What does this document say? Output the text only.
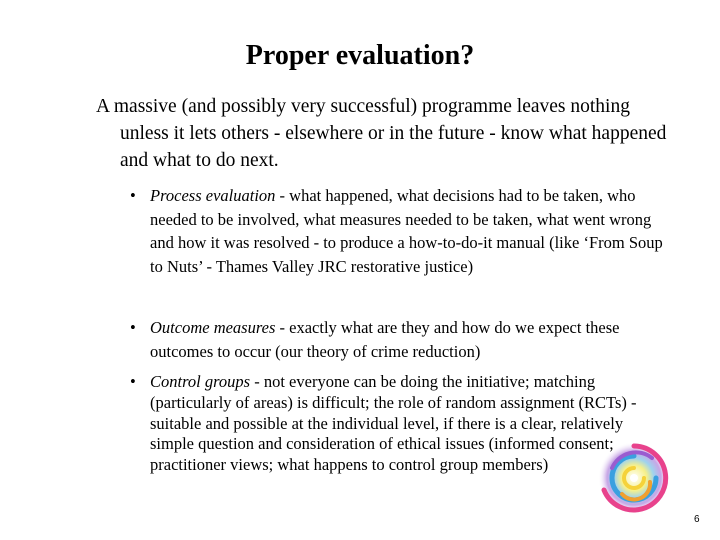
Proper evaluation?
A massive (and possibly very successful) programme leaves nothing unless it lets others - elsewhere or in the future - know what happened and what to do next.
• Process evaluation - what happened, what decisions had to be taken, who needed to be involved, what measures needed to be taken, what went wrong and how it was resolved - to produce a how-to-do-it manual (like ‘From Soup to Nuts’ - Thames Valley JRC restorative justice)
• Outcome measures - exactly what are they and how do we expect these outcomes to occur (our theory of crime reduction)
• Control groups - not everyone can be doing the initiative; matching (particularly of areas) is difficult; the role of random assignment (RCTs) - suitable and possible at the individual level, if there is a clear, relatively simple question and consideration of ethical issues (informed consent; practitioner views; what happens to control group members)
6
